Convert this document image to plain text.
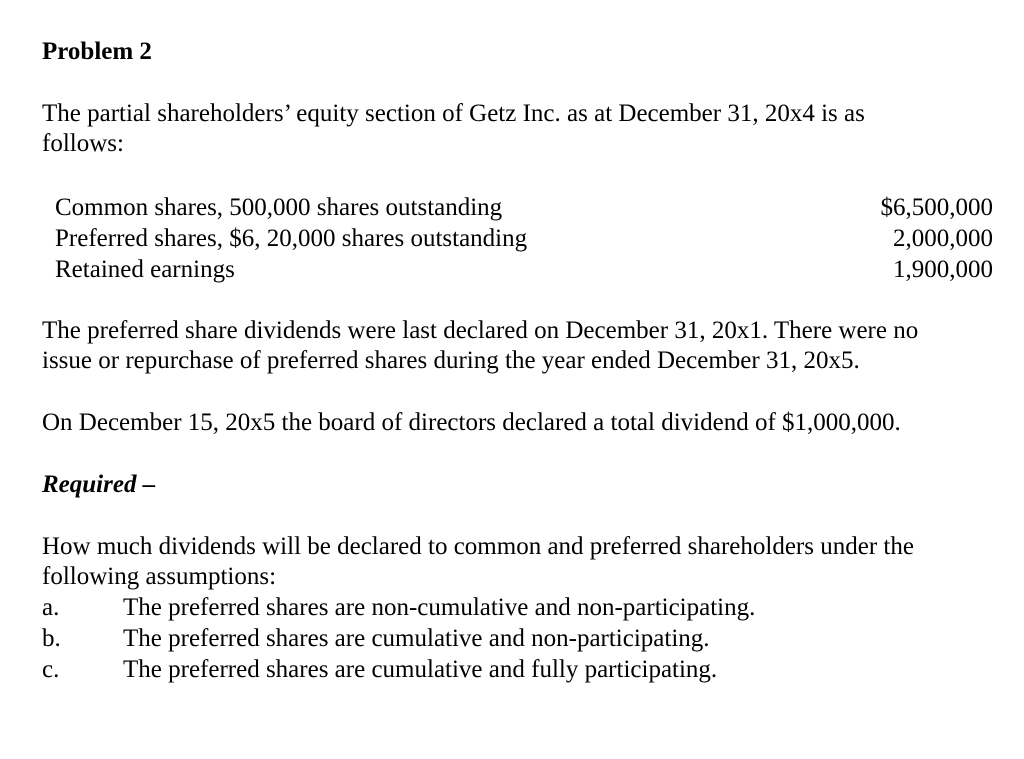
Problem 2
The partial shareholders’ equity section of Getz Inc. as at December 31, 20x4 is as
follows:
Common shares, 500,000 shares outstanding	$6,500,000
Preferred shares, $6, 20,000 shares outstanding	2,000,000
Retained earnings	1,900,000
The preferred share dividends were last declared on December 31, 20x1. There were no
issue or repurchase of preferred shares during the year ended December 31, 20x5.
On December 15, 20x5 the board of directors declared a total dividend of $1,000,000.
Required –
How much dividends will be declared to common and preferred shareholders under the
following assumptions:
a.	The preferred shares are non-cumulative and non-participating.
b.	The preferred shares are cumulative and non-participating.
c.	The preferred shares are cumulative and fully participating.
